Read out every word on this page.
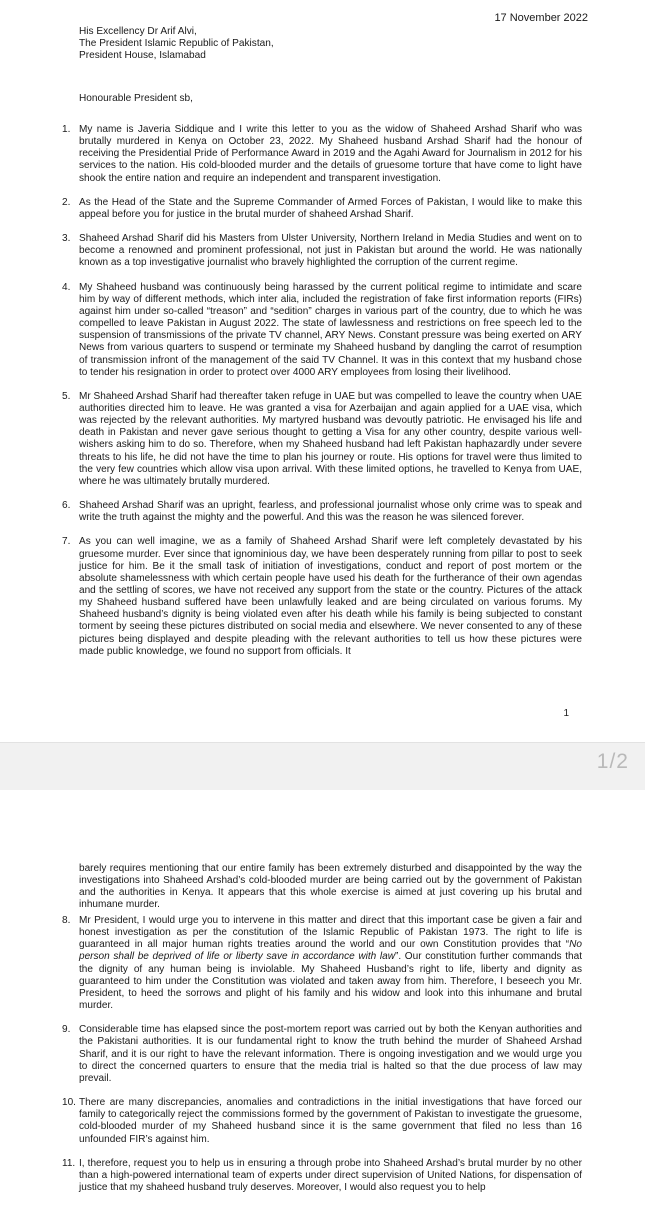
17 November 2022
His Excellency Dr Arif Alvi,
The President Islamic Republic of Pakistan,
President House, Islamabad
Honourable President sb,
1. My name is Javeria Siddique and I write this letter to you as the widow of Shaheed Arshad Sharif who was brutally murdered in Kenya on October 23, 2022. My Shaheed husband Arshad Sharif had the honour of receiving the Presidential Pride of Performance Award in 2019 and the Agahi Award for Journalism in 2012 for his services to the nation. His cold-blooded murder and the details of gruesome torture that have come to light have shook the entire nation and require an independent and transparent investigation.
2. As the Head of the State and the Supreme Commander of Armed Forces of Pakistan, I would like to make this appeal before you for justice in the brutal murder of shaheed Arshad Sharif.
3. Shaheed Arshad Sharif did his Masters from Ulster University, Northern Ireland in Media Studies and went on to become a renowned and prominent professional, not just in Pakistan but around the world. He was nationally known as a top investigative journalist who bravely highlighted the corruption of the current regime.
4. My Shaheed husband was continuously being harassed by the current political regime to intimidate and scare him by way of different methods, which inter alia, included the registration of fake first information reports (FIRs) against him under so-called “treason” and “sedition” charges in various part of the country, due to which he was compelled to leave Pakistan in August 2022. The state of lawlessness and restrictions on free speech led to the suspension of transmissions of the private TV channel, ARY News. Constant pressure was being exerted on ARY News from various quarters to suspend or terminate my Shaheed husband by dangling the carrot of resumption of transmission infront of the management of the said TV Channel. It was in this context that my husband chose to tender his resignation in order to protect over 4000 ARY employees from losing their livelihood.
5. Mr Shaheed Arshad Sharif had thereafter taken refuge in UAE but was compelled to leave the country when UAE authorities directed him to leave. He was granted a visa for Azerbaijan and again applied for a UAE visa, which was rejected by the relevant authorities. My martyred husband was devoutly patriotic. He envisaged his life and death in Pakistan and never gave serious thought to getting a Visa for any other country, despite various well-wishers asking him to do so. Therefore, when my Shaheed husband had left Pakistan haphazardly under severe threats to his life, he did not have the time to plan his journey or route. His options for travel were thus limited to the very few countries which allow visa upon arrival. With these limited options, he travelled to Kenya from UAE, where he was ultimately brutally murdered.
6. Shaheed Arshad Sharif was an upright, fearless, and professional journalist whose only crime was to speak and write the truth against the mighty and the powerful. And this was the reason he was silenced forever.
7. As you can well imagine, we as a family of Shaheed Arshad Sharif were left completely devastated by his gruesome murder. Ever since that ignominious day, we have been desperately running from pillar to post to seek justice for him. Be it the small task of initiation of investigations, conduct and report of post mortem or the absolute shamelessness with which certain people have used his death for the furtherance of their own agendas and the settling of scores, we have not received any support from the state or the country. Pictures of the attack my Shaheed husband suffered have been unlawfully leaked and are being circulated on various forums. My Shaheed husband’s dignity is being violated even after his death while his family is being subjected to constant torment by seeing these pictures distributed on social media and elsewhere. We never consented to any of these pictures being displayed and despite pleading with the relevant authorities to tell us how these pictures were made public knowledge, we found no support from officials. It
1
1/2
barely requires mentioning that our entire family has been extremely disturbed and disappointed by the way the investigations into Shaheed Arshad’s cold-blooded murder are being carried out by the government of Pakistan and the authorities in Kenya. It appears that this whole exercise is aimed at just covering up his brutal and inhumane murder.
8. Mr President, I would urge you to intervene in this matter and direct that this important case be given a fair and honest investigation as per the constitution of the Islamic Republic of Pakistan 1973. The right to life is guaranteed in all major human rights treaties around the world and our own Constitution provides that “No person shall be deprived of life or liberty save in accordance with law”. Our constitution further commands that the dignity of any human being is inviolable. My Shaheed Husband’s right to life, liberty and dignity as guaranteed to him under the Constitution was violated and taken away from him. Therefore, I beseech you Mr. President, to heed the sorrows and plight of his family and his widow and look into this inhumane and brutal murder.
9. Considerable time has elapsed since the post-mortem report was carried out by both the Kenyan authorities and the Pakistani authorities. It is our fundamental right to know the truth behind the murder of Shaheed Arshad Sharif, and it is our right to have the relevant information. There is ongoing investigation and we would urge you to direct the concerned quarters to ensure that the media trial is halted so that the due process of law may prevail.
10. There are many discrepancies, anomalies and contradictions in the initial investigations that have forced our family to categorically reject the commissions formed by the government of Pakistan to investigate the gruesome, cold-blooded murder of my Shaheed husband since it is the same government that filed no less than 16 unfounded FIR’s against him.
11. I, therefore, request you to help us in ensuring a through probe into Shaheed Arshad’s brutal murder by no other than a high-powered international team of experts under direct supervision of United Nations, for dispensation of justice that my shaheed husband truly deserves. Moreover, I would also request you to help
